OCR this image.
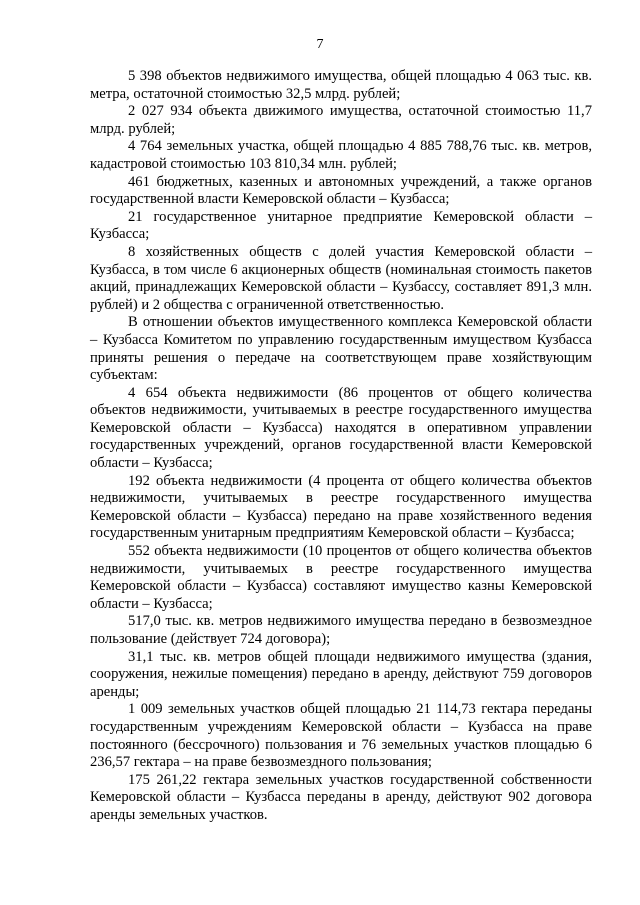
7

5 398 объектов недвижимого имущества, общей площадью 4 063 тыс. кв. метра, остаточной стоимостью 32,5 млрд. рублей;

2 027 934 объекта движимого имущества, остаточной стоимостью 11,7 млрд. рублей;

4 764 земельных участка, общей площадью 4 885 788,76 тыс. кв. метров, кадастровой стоимостью 103 810,34 млн. рублей;

461 бюджетных, казенных и автономных учреждений, а также органов государственной власти Кемеровской области – Кузбасса;

21 государственное унитарное предприятие Кемеровской области – Кузбасса;

8 хозяйственных обществ с долей участия Кемеровской области – Кузбасса, в том числе 6 акционерных обществ (номинальная стоимость пакетов акций, принадлежащих Кемеровской области – Кузбассу, составляет 891,3 млн. рублей) и 2 общества с ограниченной ответственностью.

В отношении объектов имущественного комплекса Кемеровской области – Кузбасса Комитетом по управлению государственным имуществом Кузбасса приняты решения о передаче на соответствующем праве хозяйствующим субъектам:

4 654 объекта недвижимости (86 процентов от общего количества объектов недвижимости, учитываемых в реестре государственного имущества Кемеровской области – Кузбасса) находятся в оперативном управлении государственных учреждений, органов государственной власти Кемеровской области – Кузбасса;

192 объекта недвижимости (4 процента от общего количества объектов недвижимости, учитываемых в реестре государственного имущества Кемеровской области – Кузбасса) передано на праве хозяйственного ведения государственным унитарным предприятиям Кемеровской области – Кузбасса;

552 объекта недвижимости (10 процентов от общего количества объектов недвижимости, учитываемых в реестре государственного имущества Кемеровской области – Кузбасса) составляют имущество казны Кемеровской области – Кузбасса;

517,0 тыс. кв. метров недвижимого имущества передано в безвозмездное пользование (действует 724 договора);

31,1 тыс. кв. метров общей площади недвижимого имущества (здания, сооружения, нежилые помещения) передано в аренду, действуют 759 договоров аренды;

1 009 земельных участков общей площадью 21 114,73 гектара переданы государственным учреждениям Кемеровской области – Кузбасса на праве постоянного (бессрочного) пользования и 76 земельных участков площадью 6 236,57 гектара – на праве безвозмездного пользования;

175 261,22 гектара земельных участков государственной собственности Кемеровской области – Кузбасса переданы в аренду, действуют 902 договора аренды земельных участков.
